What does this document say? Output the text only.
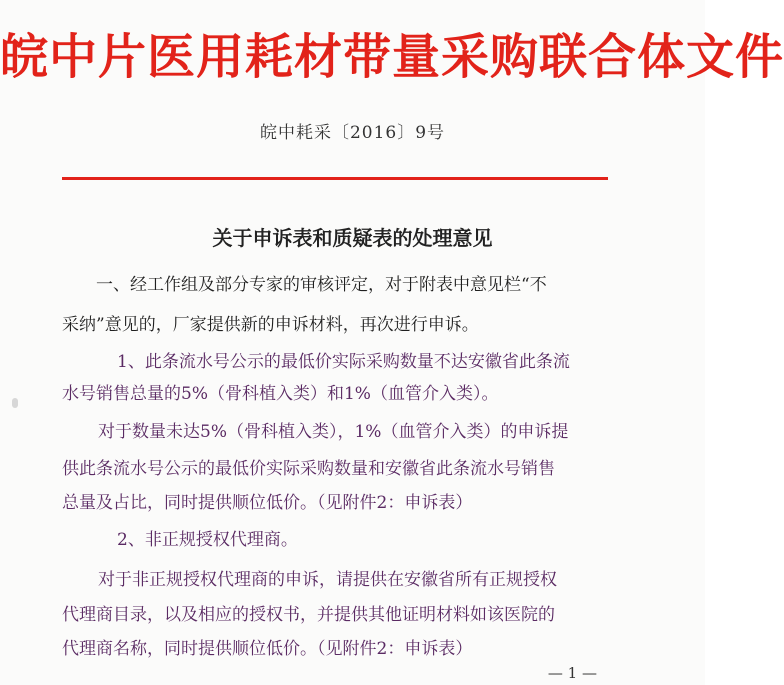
皖中片医用耗材带量采购联合体文件
皖中耗采〔2016〕9号
关于申诉表和质疑表的处理意见
一、经工作组及部分专家的审核评定，对于附表中意见栏“不
采纳”意见的，厂家提供新的申诉材料，再次进行申诉。
1、此条流水号公示的最低价实际采购数量不达安徽省此条流
水号销售总量的5%（骨科植入类）和1%（血管介入类）。
对于数量未达5%（骨科植入类），1%（血管介入类）的申诉提
供此条流水号公示的最低价实际采购数量和安徽省此条流水号销售
总量及占比，同时提供顺位低价。（见附件2：申诉表）
2、非正规授权代理商。
对于非正规授权代理商的申诉，请提供在安徽省所有正规授权
代理商目录，以及相应的授权书，并提供其他证明材料如该医院的
代理商名称，同时提供顺位低价。（见附件2：申诉表）
— 1 —
